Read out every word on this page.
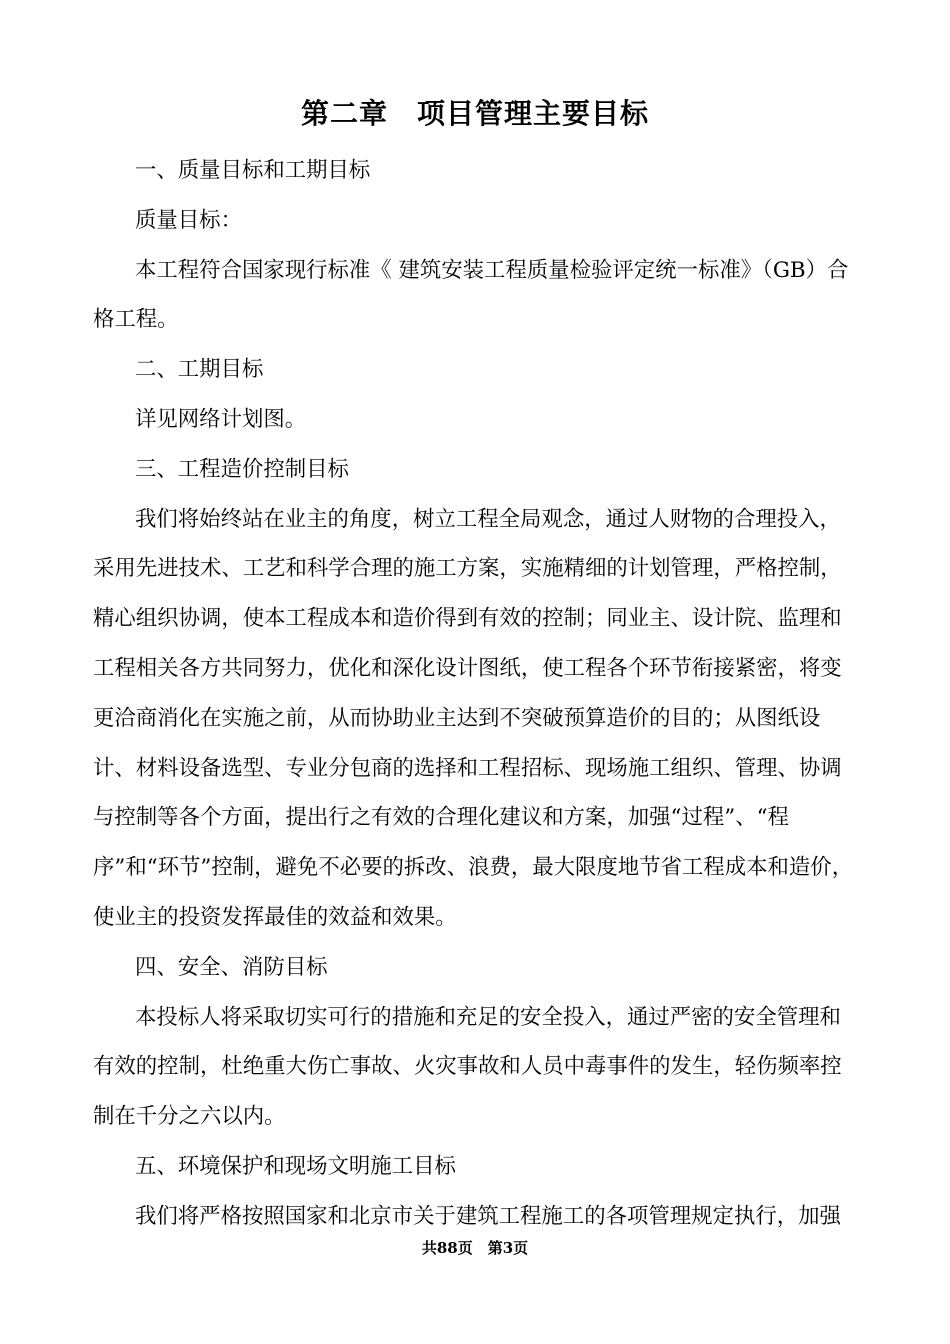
第二章　项目管理主要目标

一、质量目标和工期目标

质量目标：

本工程符合国家现行标准《 建筑安装工程质量检验评定统一标准》（GB）合格工程。

二、工期目标

详见网络计划图。

三、工程造价控制目标

我们将始终站在业主的角度，树立工程全局观念，通过人财物的合理投入，采用先进技术、工艺和科学合理的施工方案，实施精细的计划管理，严格控制，精心组织协调，使本工程成本和造价得到有效的控制；同业主、设计院、监理和工程相关各方共同努力，优化和深化设计图纸，使工程各个环节衔接紧密，将变更洽商消化在实施之前，从而协助业主达到不突破预算造价的目的；从图纸设计、材料设备选型、专业分包商的选择和工程招标、现场施工组织、管理、协调与控制等各个方面，提出行之有效的合理化建议和方案，加强“过程”、“程序”和“环节”控制，避免不必要的拆改、浪费，最大限度地节省工程成本和造价，使业主的投资发挥最佳的效益和效果。

四、安全、消防目标

本投标人将采取切实可行的措施和充足的安全投入，通过严密的安全管理和有效的控制，杜绝重大伤亡事故、火灾事故和人员中毒事件的发生，轻伤频率控制在千分之六以内。

五、环境保护和现场文明施工目标

我们将严格按照国家和北京市关于建筑工程施工的各项管理规定执行，加强

共88页　第3页
